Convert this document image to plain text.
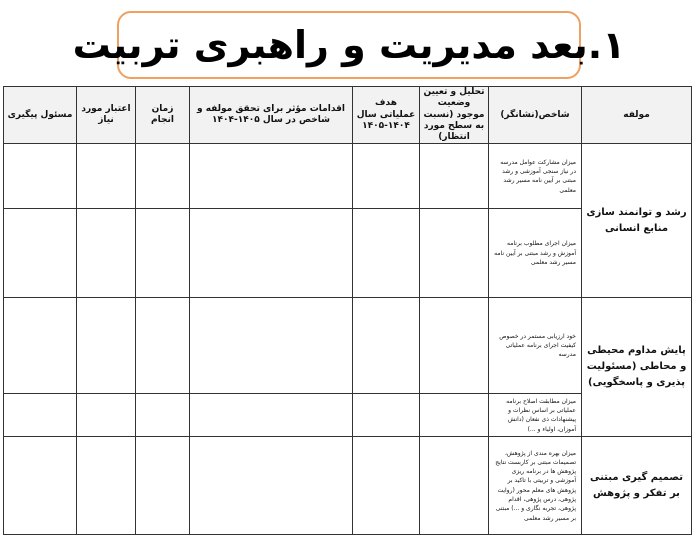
۱.بعد مدیریت و راهبری تربیت
مولفه	شاخص(نشانگر)	تحلیل و تعیین وضعیت موجود (نسبت به سطح مورد انتظار)	هدف عملیاتی سال ۱۴۰۴-۱۴۰۵	اقدامات مؤثر برای تحقق مولفه و شاخص در سال ۱۴۰۵-۱۴۰۴	زمان انجام	اعتبار مورد نیاز	مسئول پیگیری
رشد و توانمند سازی منابع انسانی	میزان مشارکت عوامل مدرسه در نیاز سنجی آموزشی و رشد مبتنی بر آیین نامه مسیر رشد معلمی						
	میزان اجرای مطلوب برنامه آموزش و رشد مبتنی بر آیین نامه مسیر رشد معلمی						
پایش مداوم محیطی و محاطی (مسئولیت پذیری و پاسخگویی)	خود ارزیابی مستمر در خصوص کیفیت اجرای برنامه عملیاتی مدرسه						
	میزان مطابقت اصلاح برنامه عملیاتی بر اساس نظرات و پیشنهادات ذی نفعان (دانش آموزان، اولیاء و ...)						
تصمیم گیری مبتنی بر تفکر و پژوهش	میزان بهره مندی از پژوهش، تصمیمات مبتنی بر کاربست نتایج پژوهش ها در برنامه ریزی آموزشی و تربیتی با تاکید بر پژوهش های معلم محور (روایت پژوهی، درس پژوهی، اقدام پژوهی، تجربه نگاری و ...) مبتنی بر مسیر رشد معلمی						
